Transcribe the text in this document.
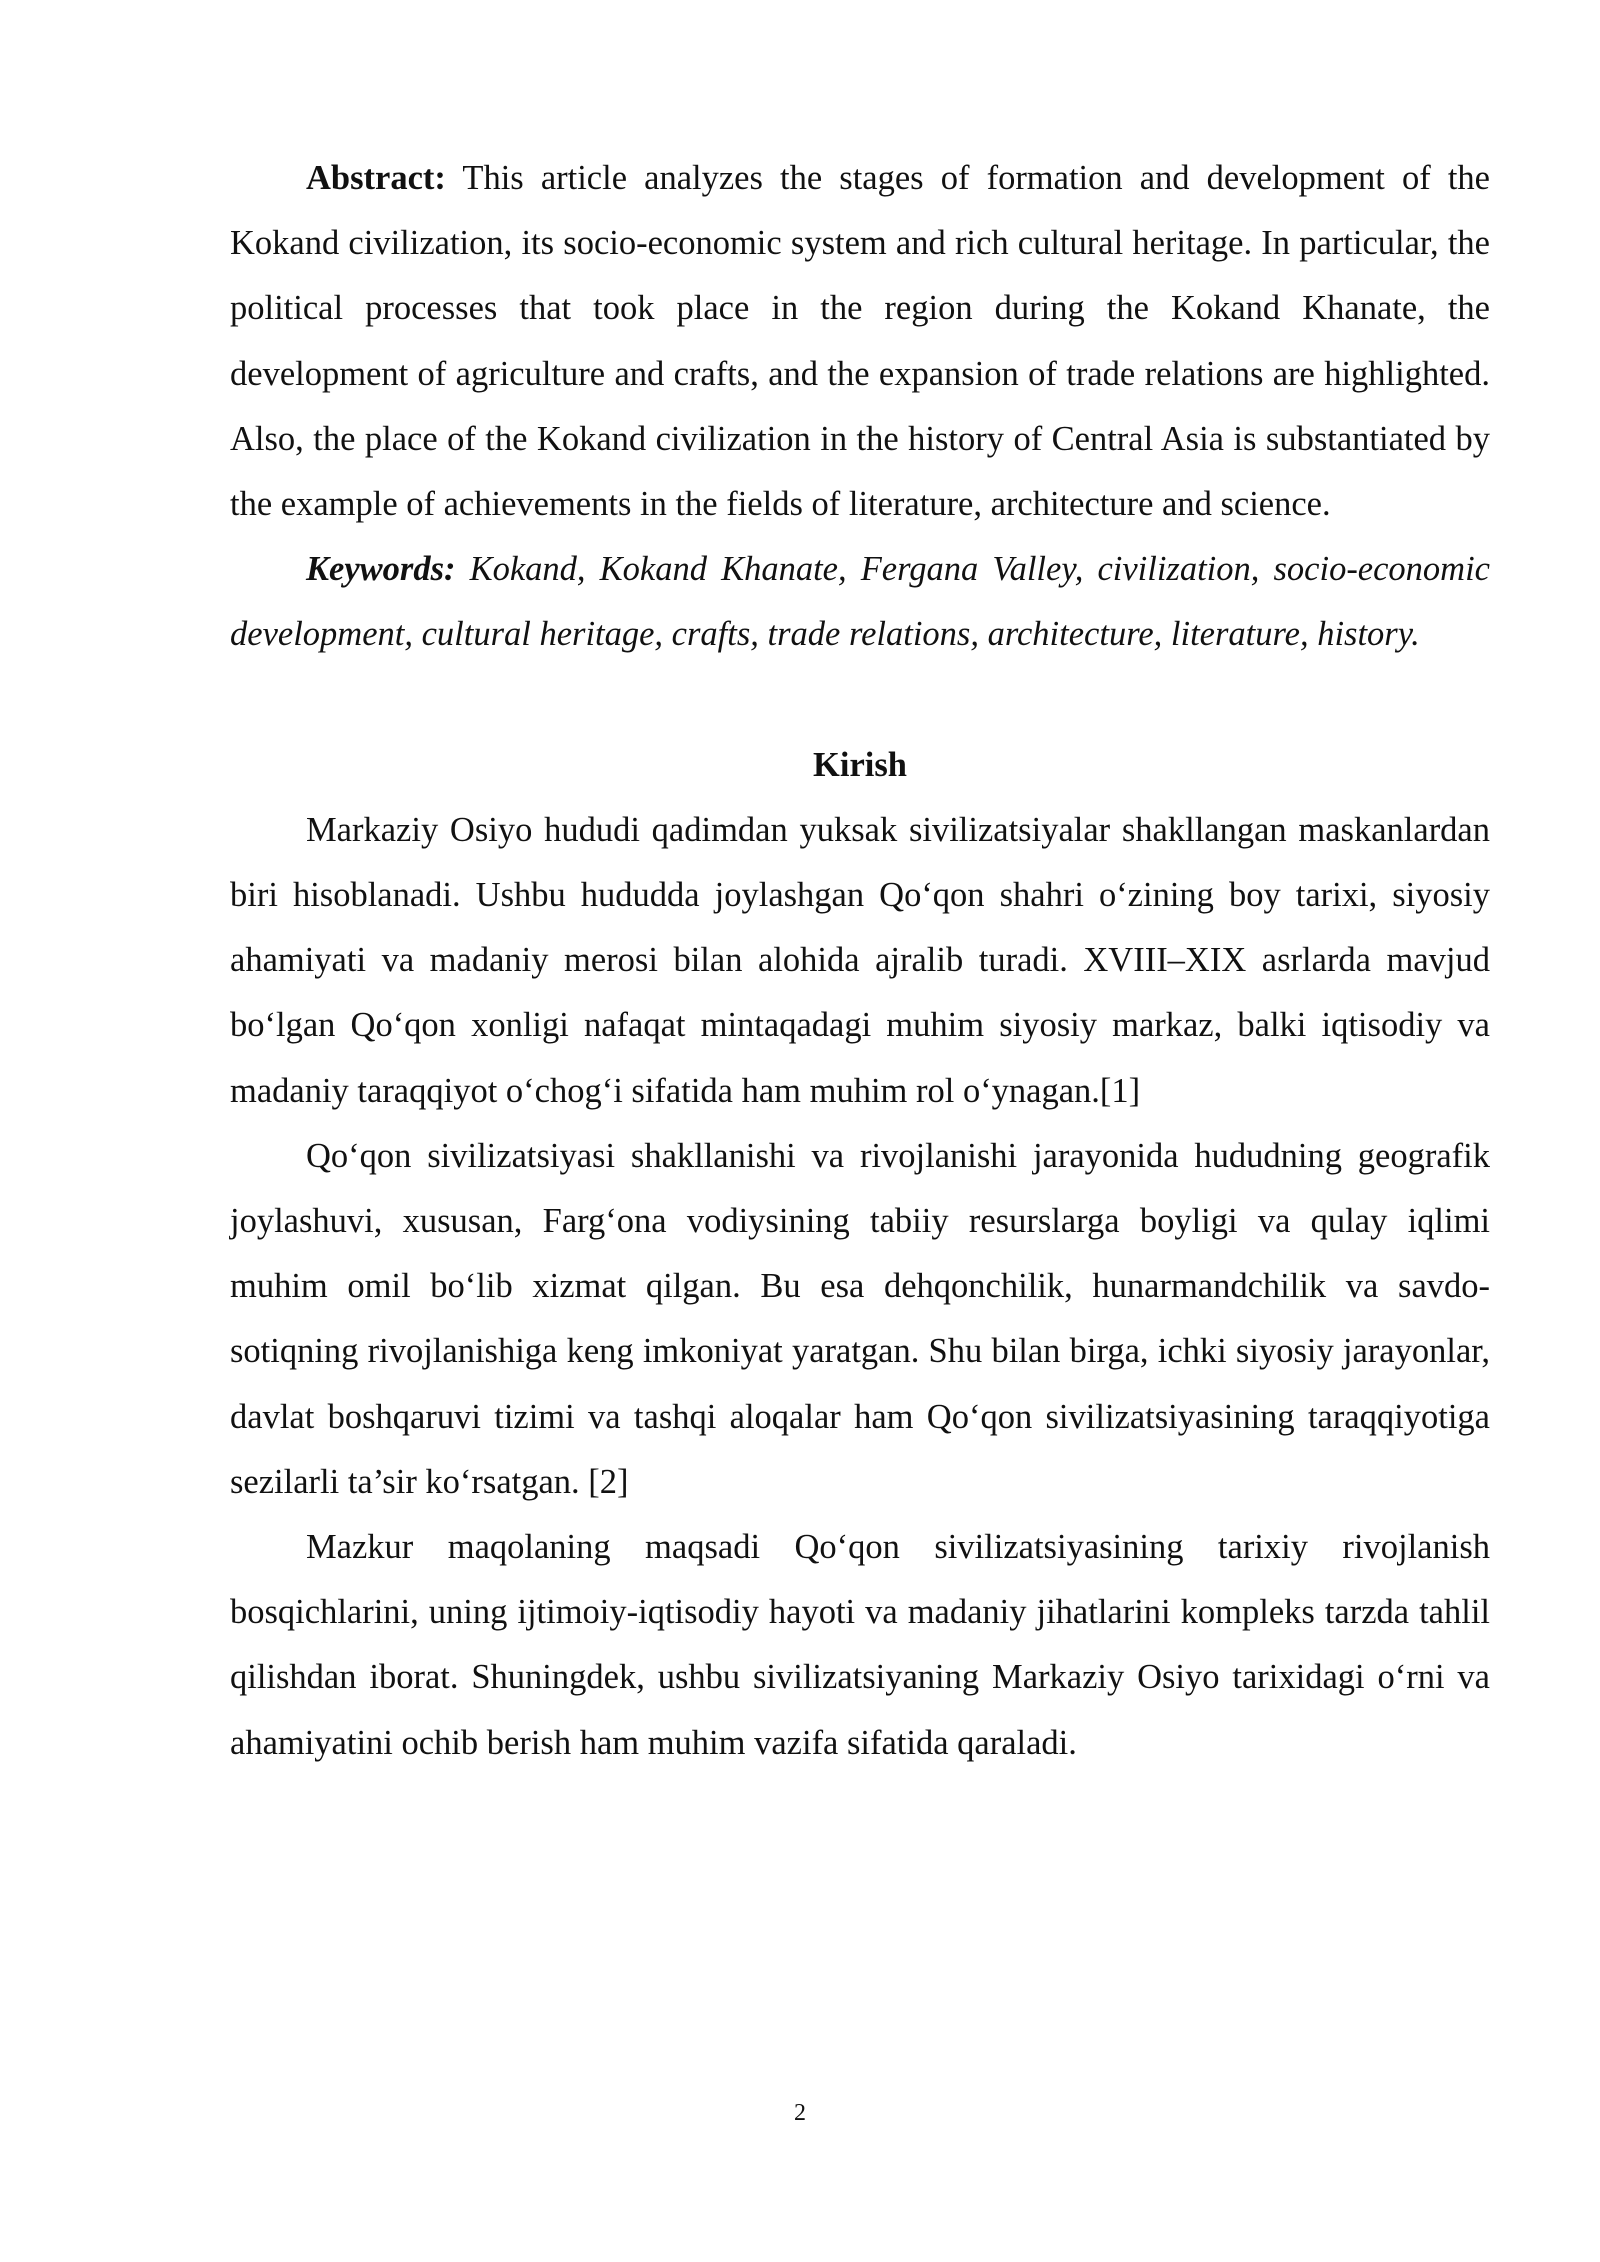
Abstract: This article analyzes the stages of formation and development of the Kokand civilization, its socio-economic system and rich cultural heritage. In particular, the political processes that took place in the region during the Kokand Khanate, the development of agriculture and crafts, and the expansion of trade relations are highlighted. Also, the place of the Kokand civilization in the history of Central Asia is substantiated by the example of achievements in the fields of literature, architecture and science.

Keywords: Kokand, Kokand Khanate, Fergana Valley, civilization, socio-economic development, cultural heritage, crafts, trade relations, architecture, literature, history.

Kirish

Markaziy Osiyo hududi qadimdan yuksak sivilizatsiyalar shakllangan maskanlardan biri hisoblanadi. Ushbu hududda joylashgan Qo‘qon shahri o‘zining boy tarixi, siyosiy ahamiyati va madaniy merosi bilan alohida ajralib turadi. XVIII–XIX asrlarda mavjud bo‘lgan Qo‘qon xonligi nafaqat mintaqadagi muhim siyosiy markaz, balki iqtisodiy va madaniy taraqqiyot o‘chog‘i sifatida ham muhim rol o‘ynagan.[1]

Qo‘qon sivilizatsiyasi shakllanishi va rivojlanishi jarayonida hududning geografik joylashuvi, xususan, Farg‘ona vodiysining tabiiy resurslarga boyligi va qulay iqlimi muhim omil bo‘lib xizmat qilgan. Bu esa dehqonchilik, hunarmandchilik va savdo-sotiqning rivojlanishiga keng imkoniyat yaratgan. Shu bilan birga, ichki siyosiy jarayonlar, davlat boshqaruvi tizimi va tashqi aloqalar ham Qo‘qon sivilizatsiyasining taraqqiyotiga sezilarli ta’sir ko‘rsatgan. [2]

Mazkur maqolaning maqsadi Qo‘qon sivilizatsiyasining tarixiy rivojlanish bosqichlarini, uning ijtimoiy-iqtisodiy hayoti va madaniy jihatlarini kompleks tarzda tahlil qilishdan iborat. Shuningdek, ushbu sivilizatsiyaning Markaziy Osiyo tarixidagi o‘rni va ahamiyatini ochib berish ham muhim vazifa sifatida qaraladi.

2
